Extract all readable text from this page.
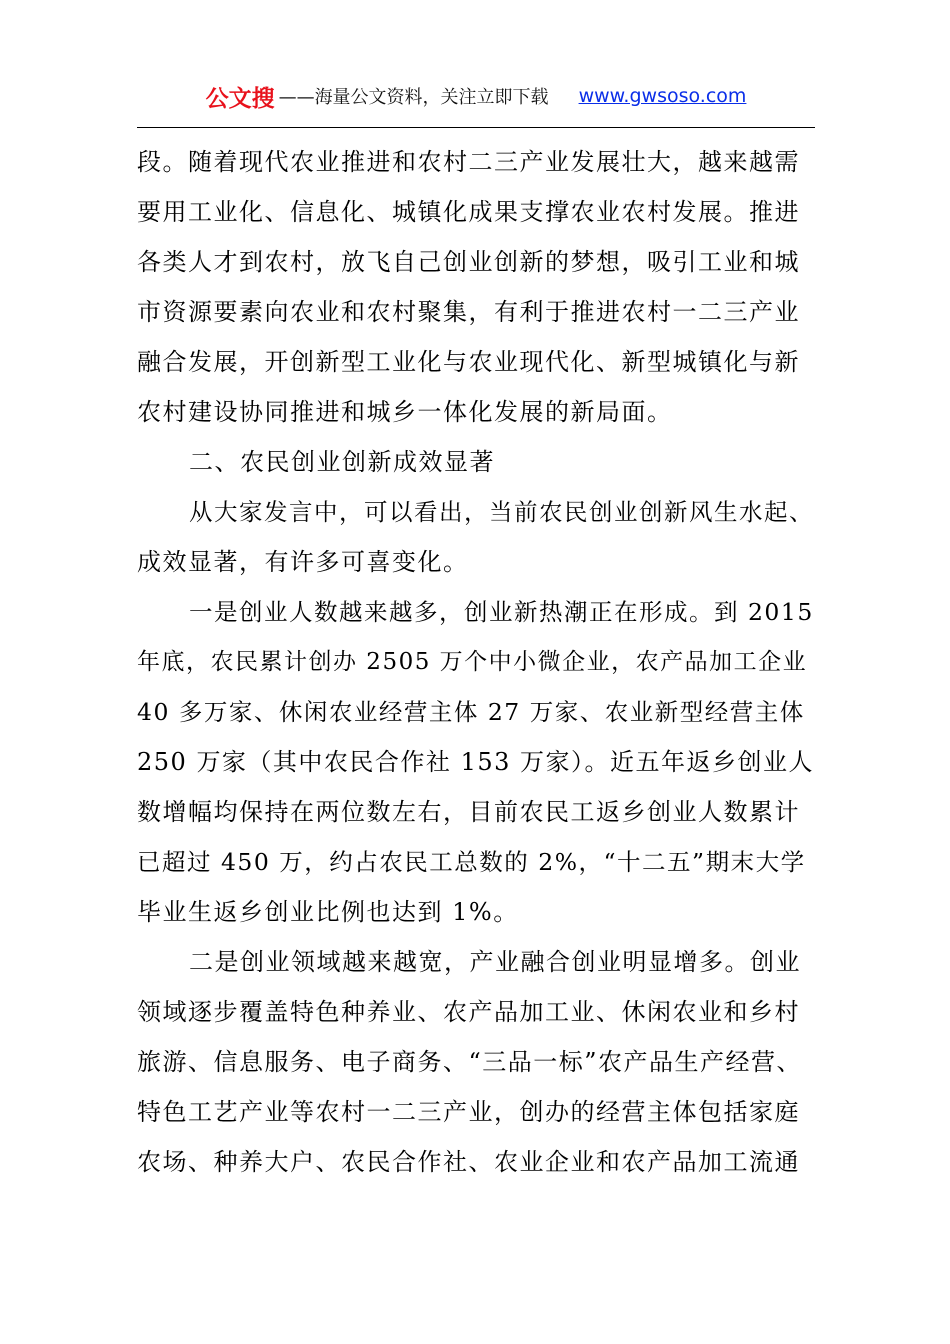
公文搜 ——海量公文资料，关注立即下载 www.gwsoso.com
段。随着现代农业推进和农村二三产业发展壮大，越来越需
要用工业化、信息化、城镇化成果支撑农业农村发展。推进
各类人才到农村，放飞自己创业创新的梦想，吸引工业和城
市资源要素向农业和农村聚集，有利于推进农村一二三产业
融合发展，开创新型工业化与农业现代化、新型城镇化与新
农村建设协同推进和城乡一体化发展的新局面。
二、农民创业创新成效显著
从大家发言中，可以看出，当前农民创业创新风生水起、
成效显著，有许多可喜变化。
一是创业人数越来越多，创业新热潮正在形成。到 2015
年底，农民累计创办 2505 万个中小微企业，农产品加工企业
40 多万家、休闲农业经营主体 27 万家、农业新型经营主体
250 万家（其中农民合作社 153 万家）。近五年返乡创业人
数增幅均保持在两位数左右，目前农民工返乡创业人数累计
已超过 450 万，约占农民工总数的 2%，“十二五”期末大学
毕业生返乡创业比例也达到 1%。
二是创业领域越来越宽，产业融合创业明显增多。创业
领域逐步覆盖特色种养业、农产品加工业、休闲农业和乡村
旅游、信息服务、电子商务、“三品一标”农产品生产经营、
特色工艺产业等农村一二三产业，创办的经营主体包括家庭
农场、种养大户、农民合作社、农业企业和农产品加工流通
